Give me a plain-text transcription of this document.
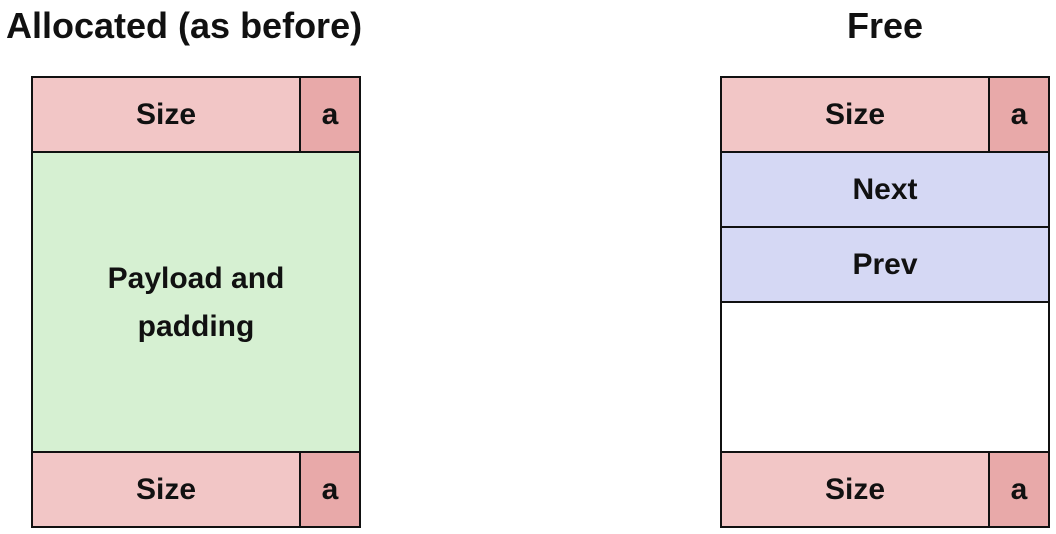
Allocated (as before)	Free
Size	a
Payload and
padding
Size	a
Size	a
Next
Prev
Size	a
